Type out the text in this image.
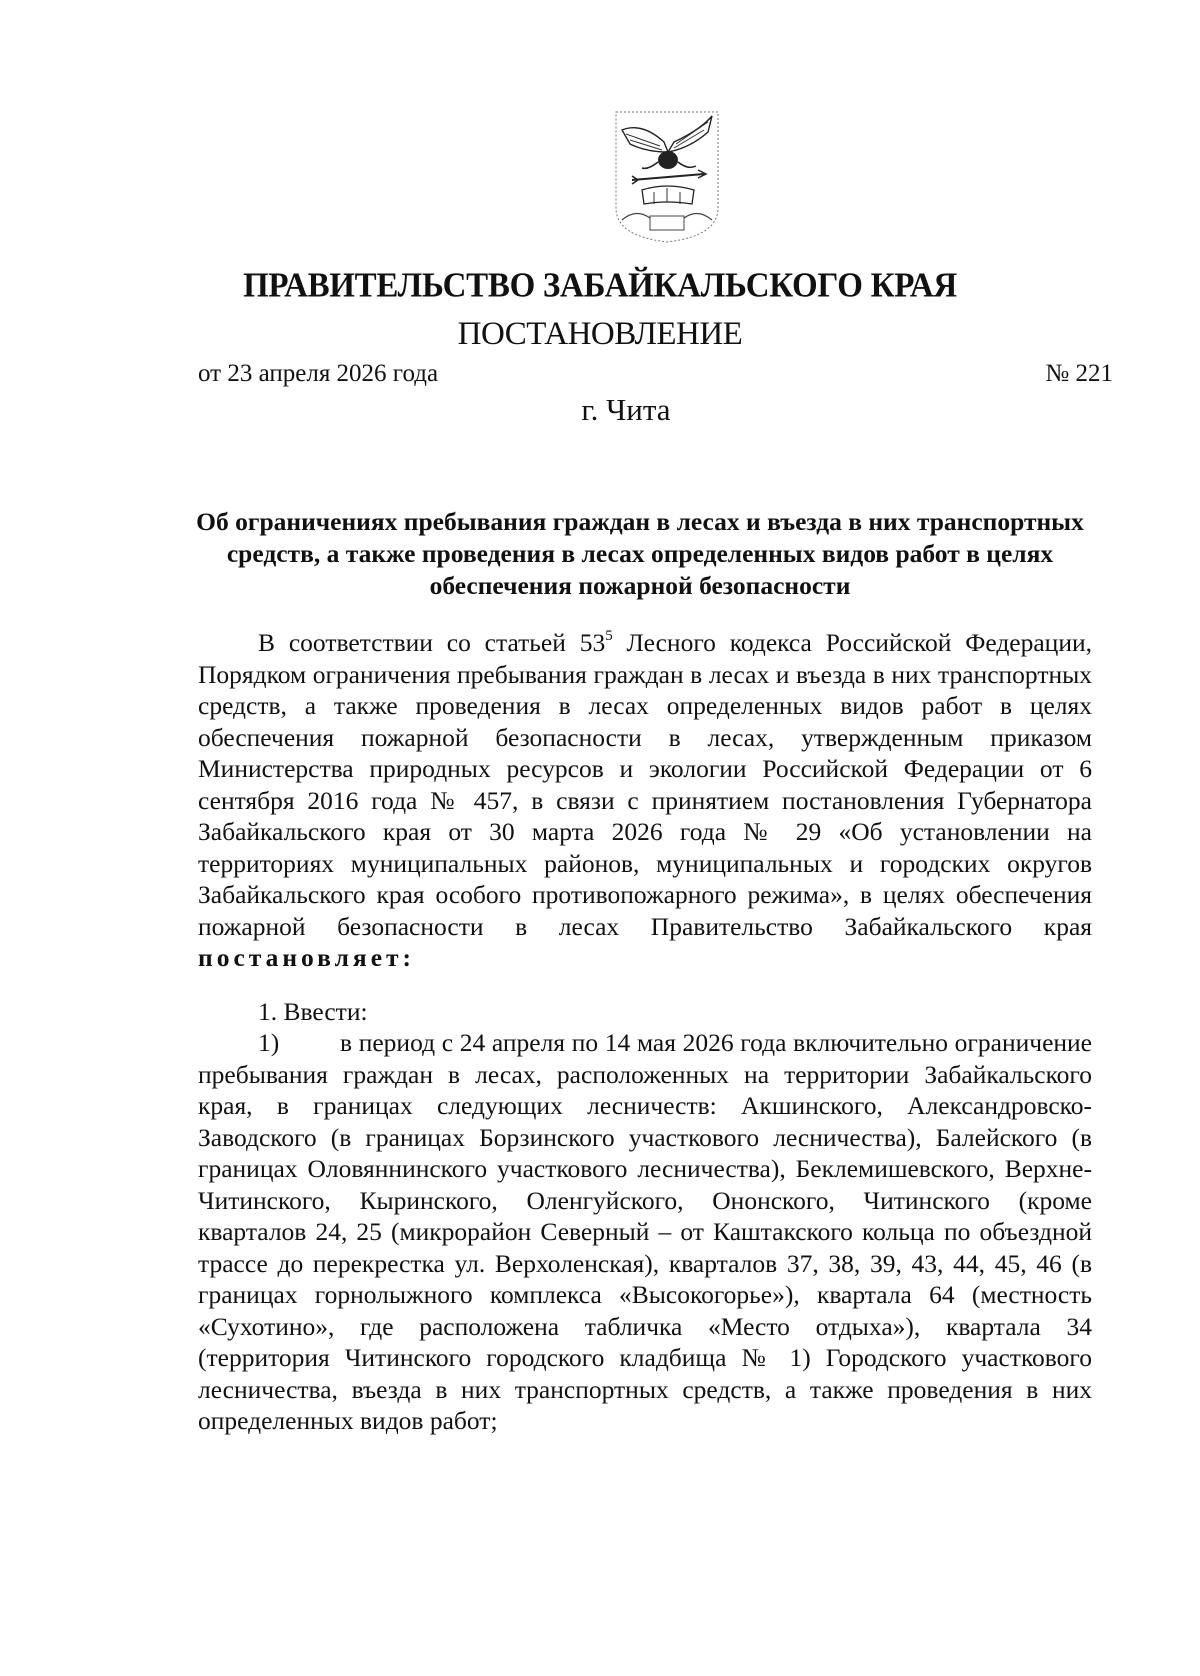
ПРАВИТЕЛЬСТВО ЗАБАЙКАЛЬСКОГО КРАЯ
ПОСТАНОВЛЕНИЕ
от 23 апреля 2026 года	№ 221
г. Чита
Об ограничениях пребывания граждан в лесах и въезда в них транспортных средств, а также проведения в лесах определенных видов работ в целях обеспечения пожарной безопасности

В соответствии со статьей $53^5$ Лесного кодекса Российской Федерации, Порядком ограничения пребывания граждан в лесах и въезда в них транспортных средств, а также проведения в лесах определенных видов работ в целях обеспечения пожарной безопасности в лесах, утвержденным приказом Министерства природных ресурсов и экологии Российской Федерации от 6 сентября 2016 года № 457, в связи с принятием постановления Губернатора Забайкальского края от 30 марта 2026 года № 29 «Об установлении на территориях муниципальных районов, муниципальных и городских округов Забайкальского края особого противопожарного режима», в целях обеспечения пожарной безопасности в лесах Правительство Забайкальского края постановляет:

1. Ввести:

1) в период с 24 апреля по 14 мая 2026 года включительно ограничение пребывания граждан в лесах, расположенных на территории Забайкальского края, в границах следующих лесничеств: Акшинского, Александровско-Заводского (в границах Борзинского участкового лесничества), Балейского (в границах Оловяннинского участкового лесничества), Беклемишевского, Верхне-Читинского, Кыринского, Оленгуйского, Ононского, Читинского (кроме кварталов 24, 25 (микрорайон Северный – от Каштакского кольца по объездной трассе до перекрестка ул. Верхоленская), кварталов 37, 38, 39, 43, 44, 45, 46 (в границах горнолыжного комплекса «Высокогорье»), квартала 64 (местность «Сухотино», где расположена табличка «Место отдыха»), квартала 34 (территория Читинского городского кладбища № 1) Городского участкового лесничества, въезда в них транспортных средств, а также проведения в них определенных видов работ;
